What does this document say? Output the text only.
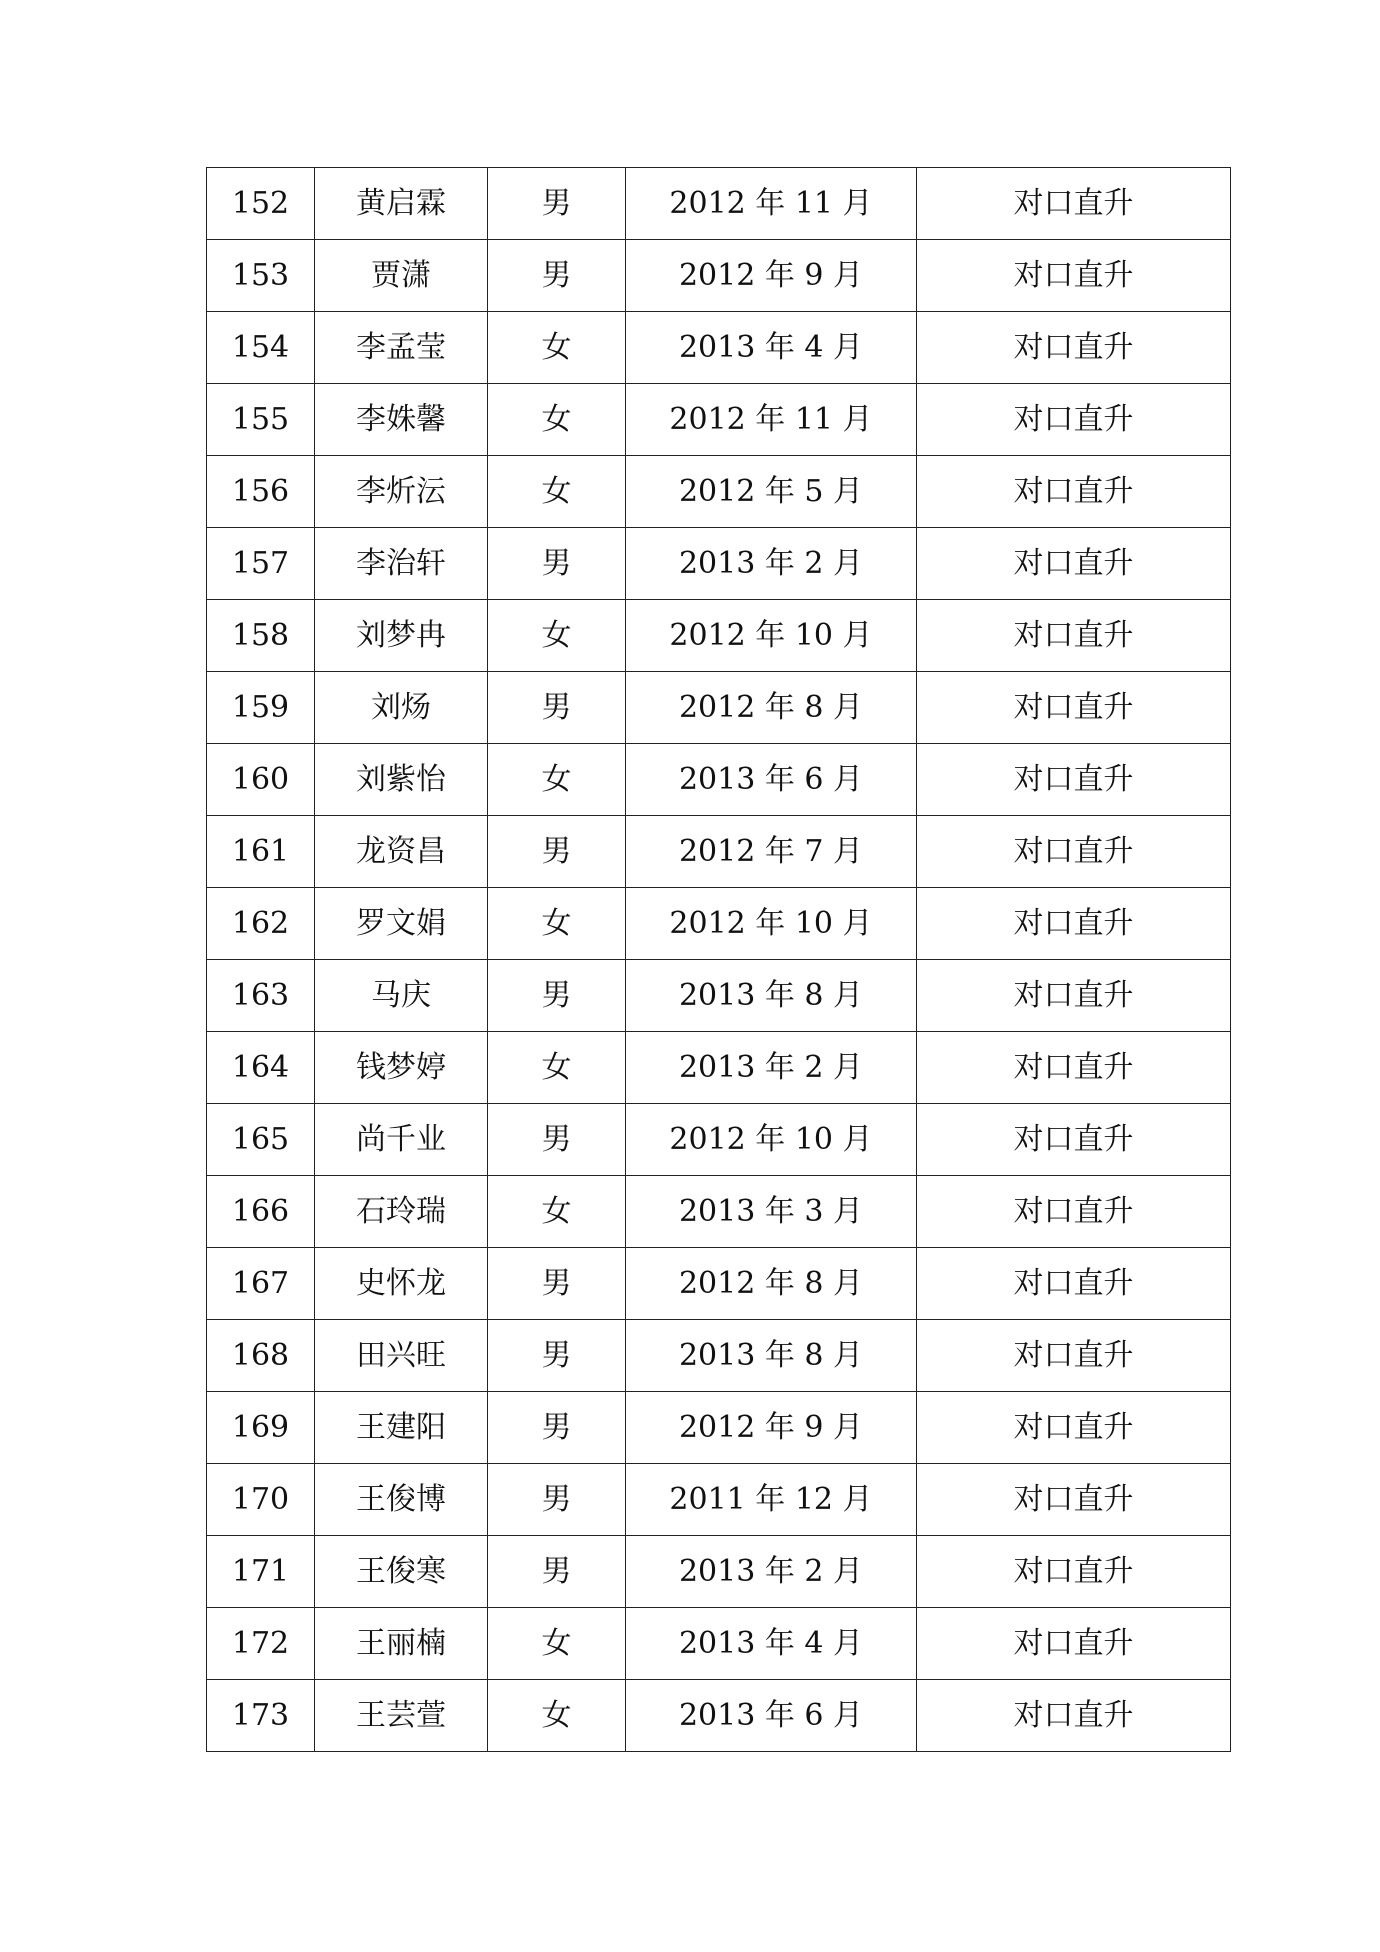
152	黄启霖	男	2012 年 11 月	对口直升
153	贾潇	男	2012 年 9 月	对口直升
154	李孟莹	女	2013 年 4 月	对口直升
155	李姝馨	女	2012 年 11 月	对口直升
156	李炘沄	女	2012 年 5 月	对口直升
157	李治轩	男	2013 年 2 月	对口直升
158	刘梦冉	女	2012 年 10 月	对口直升
159	刘炀	男	2012 年 8 月	对口直升
160	刘紫怡	女	2013 年 6 月	对口直升
161	龙资昌	男	2012 年 7 月	对口直升
162	罗文娟	女	2012 年 10 月	对口直升
163	马庆	男	2013 年 8 月	对口直升
164	钱梦婷	女	2013 年 2 月	对口直升
165	尚千业	男	2012 年 10 月	对口直升
166	石玲瑞	女	2013 年 3 月	对口直升
167	史怀龙	男	2012 年 8 月	对口直升
168	田兴旺	男	2013 年 8 月	对口直升
169	王建阳	男	2012 年 9 月	对口直升
170	王俊博	男	2011 年 12 月	对口直升
171	王俊寒	男	2013 年 2 月	对口直升
172	王丽楠	女	2013 年 4 月	对口直升
173	王芸萱	女	2013 年 6 月	对口直升
